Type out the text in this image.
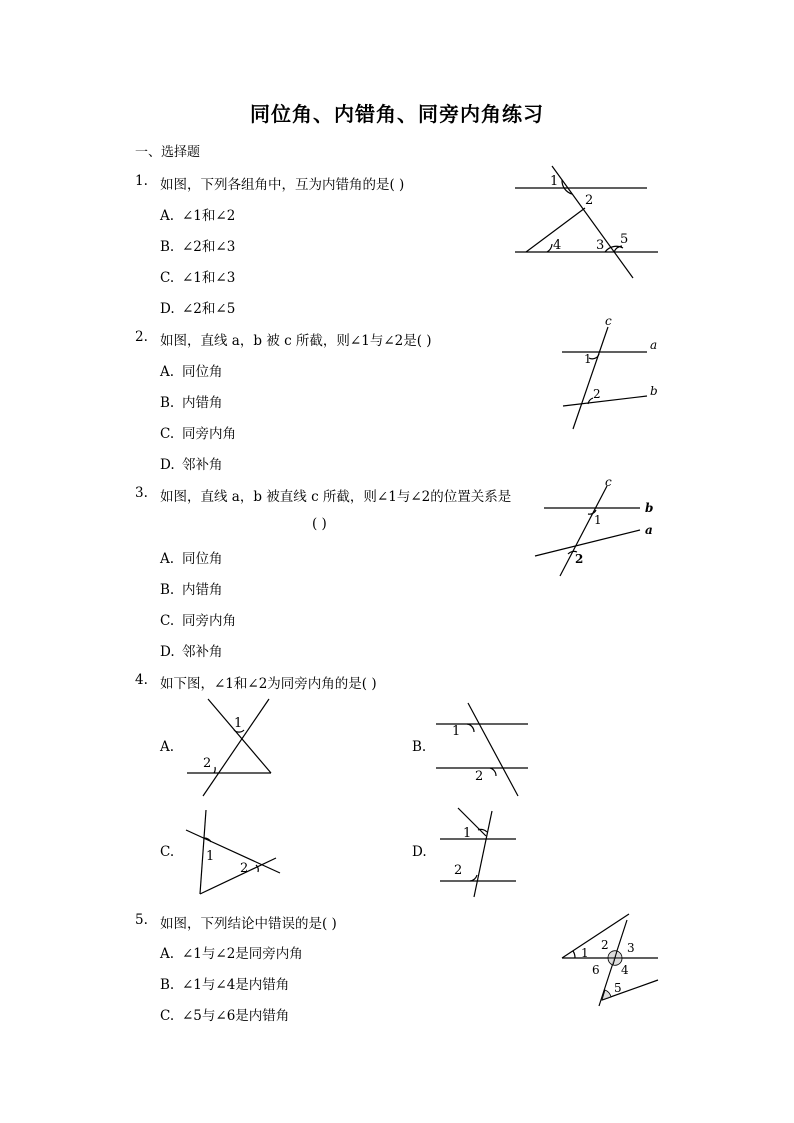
同位角、内错角、同旁内角练习
一、选择题
1. 如图，下列各组角中，互为内错角的是( )
A. ∠1和∠2
B. ∠2和∠3
C. ∠1和∠3
D. ∠2和∠5
1
2
3
4	5
2. 如图，直线 a，b 被 c 所截，则∠1与∠2是( )
A. 同位角
B. 内错角
C. 同旁内角
D. 邻补角
c
a
b
1
2
3. 如图，直线 a，b 被直线 c 所截，则∠1与∠2的位置关系是
( )
A. 同位角
B. 内错角
C. 同旁内角
D. 邻补角
c
b
a
1
2
4. 如下图，∠1和∠2为同旁内角的是( )
A.
1
2
B.
1
2
C. 1
2
D.
1
2
5. 如图，下列结论中错误的是( )
A. ∠1与∠2是同旁内角
B. ∠1与∠4是内错角
C. ∠5与∠6是内错角
1
2 3
4
5
6
